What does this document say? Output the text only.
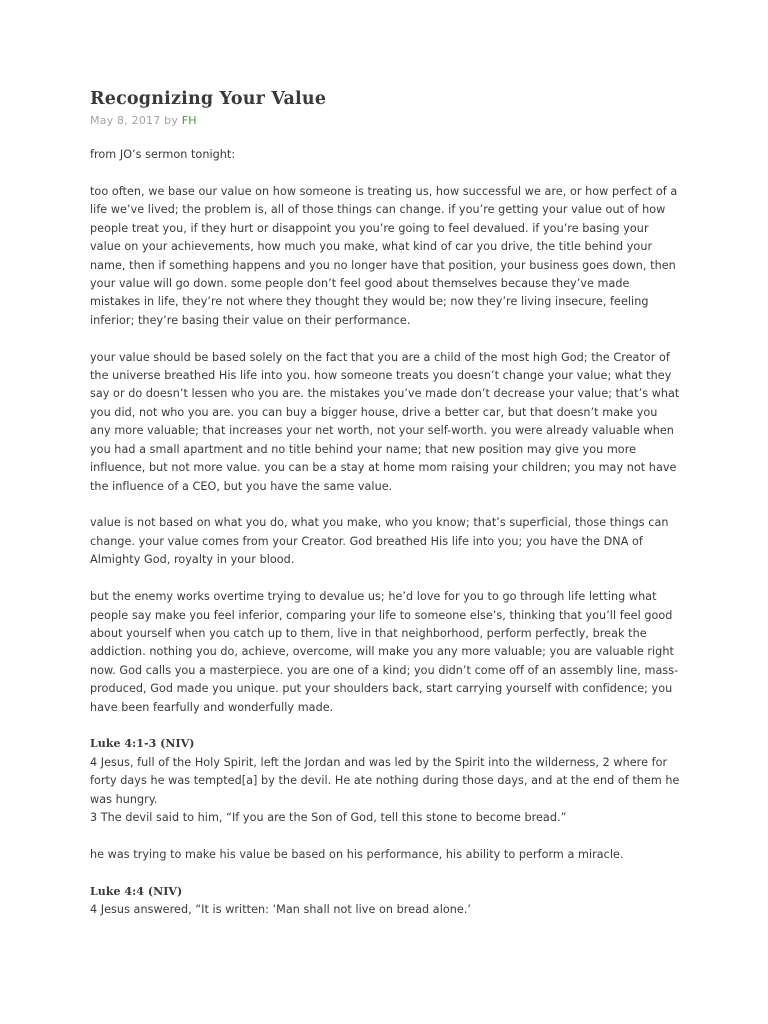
Recognizing Your Value
May 8, 2017 by FH

from JO’s sermon tonight:

too often, we base our value on how someone is treating us, how successful we are, or how perfect of a life we’ve lived; the problem is, all of those things can change. if you’re getting your value out of how people treat you, if they hurt or disappoint you you’re going to feel devalued. if you’re basing your value on your achievements, how much you make, what kind of car you drive, the title behind your name, then if something happens and you no longer have that position, your business goes down, then your value will go down. some people don’t feel good about themselves because they’ve made mistakes in life, they’re not where they thought they would be; now they’re living insecure, feeling inferior; they’re basing their value on their performance.

your value should be based solely on the fact that you are a child of the most high God; the Creator of the universe breathed His life into you. how someone treats you doesn’t change your value; what they say or do doesn’t lessen who you are. the mistakes you’ve made don’t decrease your value; that’s what you did, not who you are. you can buy a bigger house, drive a better car, but that doesn’t make you any more valuable; that increases your net worth, not your self-worth. you were already valuable when you had a small apartment and no title behind your name; that new position may give you more influence, but not more value. you can be a stay at home mom raising your children; you may not have the influence of a CEO, but you have the same value.

value is not based on what you do, what you make, who you know; that’s superficial, those things can change. your value comes from your Creator. God breathed His life into you; you have the DNA of Almighty God, royalty in your blood.

but the enemy works overtime trying to devalue us; he’d love for you to go through life letting what people say make you feel inferior, comparing your life to someone else’s, thinking that you’ll feel good about yourself when you catch up to them, live in that neighborhood, perform perfectly, break the addiction. nothing you do, achieve, overcome, will make you any more valuable; you are valuable right now. God calls you a masterpiece. you are one of a kind; you didn’t come off of an assembly line, mass-produced, God made you unique. put your shoulders back, start carrying yourself with confidence; you have been fearfully and wonderfully made.

Luke 4:1-3 (NIV)
4 Jesus, full of the Holy Spirit, left the Jordan and was led by the Spirit into the wilderness, 2 where for forty days he was tempted[a] by the devil. He ate nothing during those days, and at the end of them he was hungry.
3 The devil said to him, “If you are the Son of God, tell this stone to become bread.”

he was trying to make his value be based on his performance, his ability to perform a miracle.

Luke 4:4 (NIV)
4 Jesus answered, “It is written: ‘Man shall not live on bread alone.’
